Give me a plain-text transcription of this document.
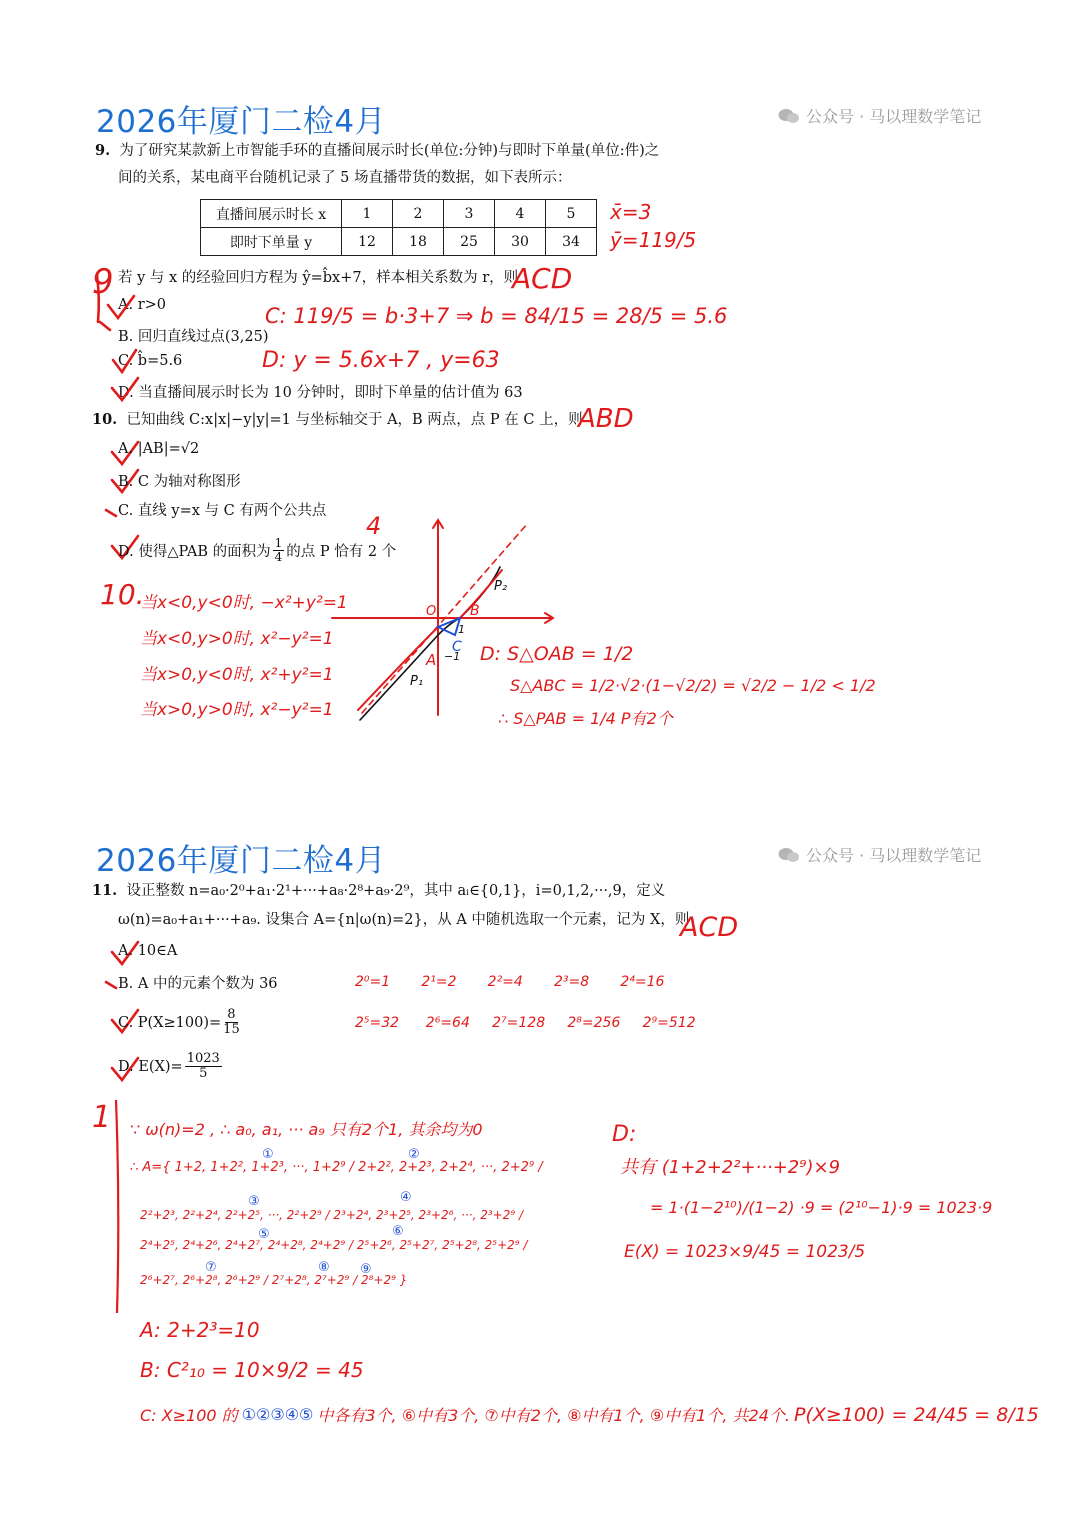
2026年厦门二检4月	公众号 · 马以理数学笔记
9. 为了研究某款新上市智能手环的直播间展示时长(单位:分钟)与即时下单量(单位:件)之
间的关系，某电商平台随机记录了 5 场直播带货的数据，如下表所示：
直播间展示时长 x	1	2	3	4	5
即时下单量 y	12	18	25	30	34
x̄=3
ȳ=119/5
9 若 y 与 x 的经验回归方程为 ŷ=b̂x+7，样本相关系数为 r，则
ACD
A. r>0
B. 回归直线过点(3,25)
C. b̂=5.6
D. 当直播间展示时长为 10 分钟时，即时下单量的估计值为 63
C: 119/5 = b·3+7 ⇒ b = 84/15 = 28/5 = 5.6
D: y = 5.6x+7 , y=63
10. 已知曲线 C:x|x|−y|y|=1 与坐标轴交于 A，B 两点，点 P 在 C 上，则
ABD
A. |AB|=√2
B. C 为轴对称图形
C. 直线 y=x 与 C 有两个公共点
D. 使得△PAB 的面积为 $\frac{1}{4}$ 的点 P 恰有 2 个
4
10.
当x<0,y<0时, −x²+y²=1
当x<0,y>0时, x²−y²=1
当x>0,y<0时, x²+y²=1
当x>0,y>0时, x²−y²=1
O B
1
A −1
C
P₁
P₂
D: S△OAB = 1/2
S△ABC = 1/2·√2·(1−√2/2) = √2/2 − 1/2 < 1/2
∴ S△PAB = 1/4 P有2个
2026年厦门二检4月	公众号 · 马以理数学笔记
11. 设正整数 n=a₀·2⁰+a₁·2¹+···+a₈·2⁸+a₉·2⁹，其中 aᵢ∈{0,1}，i=0,1,2,···,9，定义
ω(n)=a₀+a₁+···+a₉. 设集合 A={n|ω(n)=2}，从 A 中随机选取一个元素，记为 X，则
ACD
A. 10∈A
B. A 中的元素个数为 36
C. $P(X\ge 100)= \frac{8}{15}$
D. $E(X)= \frac{1023}{5}$
2⁰=1 2¹=2 2²=4 2³=8 2⁴=16
2⁵=32 2⁶=64 2⁷=128 2⁸=256 2⁹=512
1 ∵ ω(n)=2 , ∴ a₀, a₁, ··· a₉ 只有2个1, 其余均为0
∴ A={ 1+2, 1+2², 1+2³, ···, 1+2⁹ / 2+2², 2+2³, 2+2⁴, ···, 2+2⁹ /
2²+2³, 2²+2⁴, 2²+2⁵, ···, 2²+2⁹ / 2³+2⁴, 2³+2⁵, 2³+2⁶, ···, 2³+2⁹ /
2⁴+2⁵, 2⁴+2⁶, 2⁴+2⁷, 2⁴+2⁸, 2⁴+2⁹ / 2⁵+2⁶, 2⁵+2⁷, 2⁵+2⁸, 2⁵+2⁹ /
2⁶+2⁷, 2⁶+2⁸, 2⁶+2⁹ / 2⁷+2⁸, 2⁷+2⁹ / 2⁸+2⁹ }
①	②
③	④
⑤	⑥
⑦	⑧ ⑨
A: 2+2³=10
B: C²₁₀ = 10×9/2 = 45
C: X≥100 的 ①②③④⑤ 中各有3个, ⑥中有3个, ⑦中有2个, ⑧中有1个, ⑨中有1个, 共24个. P(X≥100) = 24/45 = 8/15
D:
共有 (1+2+2²+···+2⁹)×9
= 1·(1−2¹⁰)/(1−2) ·9 = (2¹⁰−1)·9 = 1023·9
E(X) = 1023×9/45 = 1023/5
